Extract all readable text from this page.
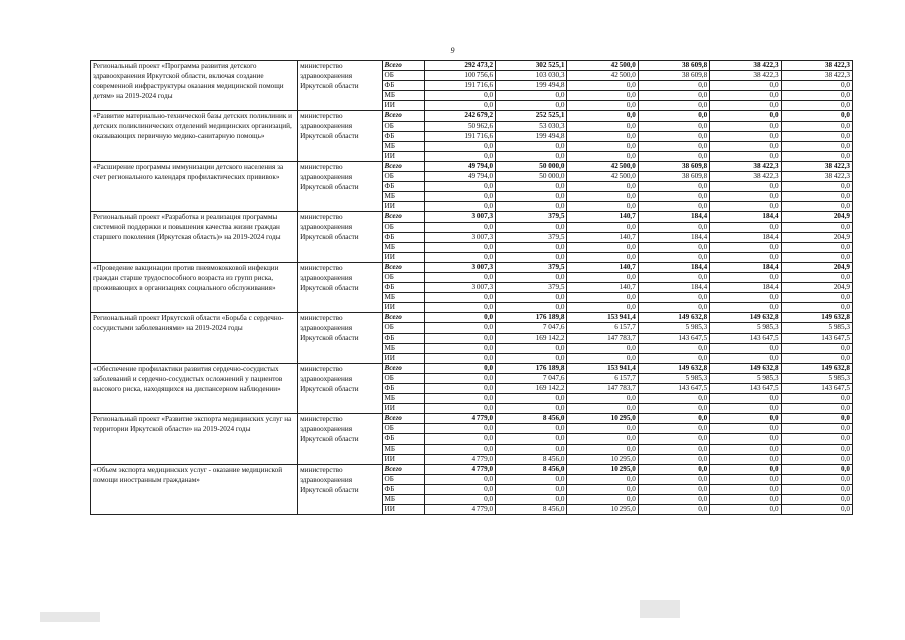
9
Региональный проект «Программа развития детского здравоохранения Иркутской области, включая создание современной инфраструктуры оказания медицинской помощи детям» на 2019-2024 годы	министерство здравоохранения Иркутской области	Всего	292 473,2	302 525,1	42 500,0	38 609,8	38 422,3	38 422,3
		ОБ	100 756,6	103 030,3	42 500,0	38 609,8	38 422,3	38 422,3
		ФБ	191 716,6	199 494,8	0,0	0,0	0,0	0,0
		МБ	0,0	0,0	0,0	0,0	0,0	0,0
		ИИ	0,0	0,0	0,0	0,0	0,0	0,0
«Развитие материально-технической базы детских поликлиник и детских поликлинических отделений медицинских организаций, оказывающих первичную медико-санитарную помощь»	министерство здравоохранения Иркутской области	Всего	242 679,2	252 525,1	0,0	0,0	0,0	0,0
		ОБ	50 962,6	53 030,3	0,0	0,0	0,0	0,0
		ФБ	191 716,6	199 494,8	0,0	0,0	0,0	0,0
		МБ	0,0	0,0	0,0	0,0	0,0	0,0
		ИИ	0,0	0,0	0,0	0,0	0,0	0,0
«Расширение программы иммунизации детского населения за счет регионального календаря профилактических прививок»	министерство здравоохранения Иркутской области	Всего	49 794,0	50 000,0	42 500,0	38 609,8	38 422,3	38 422,3
		ОБ	49 794,0	50 000,0	42 500,0	38 609,8	38 422,3	38 422,3
		ФБ	0,0	0,0	0,0	0,0	0,0	0,0
		МБ	0,0	0,0	0,0	0,0	0,0	0,0
		ИИ	0,0	0,0	0,0	0,0	0,0	0,0
Региональный проект «Разработка и реализация программы системной поддержки и повышения качества жизни граждан старшего поколения (Иркутская область)» на 2019-2024 годы	министерство здравоохранения Иркутской области	Всего	3 007,3	379,5	140,7	184,4	184,4	204,9
		ОБ	0,0	0,0	0,0	0,0	0,0	0,0
		ФБ	3 007,3	379,5	140,7	184,4	184,4	204,9
		МБ	0,0	0,0	0,0	0,0	0,0	0,0
		ИИ	0,0	0,0	0,0	0,0	0,0	0,0
«Проведение вакцинации против пневмококковой инфекции граждан старше трудоспособного возраста из групп риска, проживающих в организациях социального обслуживания»	министерство здравоохранения Иркутской области	Всего	3 007,3	379,5	140,7	184,4	184,4	204,9
		ОБ	0,0	0,0	0,0	0,0	0,0	0,0
		ФБ	3 007,3	379,5	140,7	184,4	184,4	204,9
		МБ	0,0	0,0	0,0	0,0	0,0	0,0
		ИИ	0,0	0,0	0,0	0,0	0,0	0,0
Региональный проект Иркутской области «Борьба с сердечно-сосудистыми заболеваниями» на 2019-2024 годы	министерство здравоохранения Иркутской области	Всего	0,0	176 189,8	153 941,4	149 632,8	149 632,8	149 632,8
		ОБ	0,0	7 047,6	6 157,7	5 985,3	5 985,3	5 985,3
		ФБ	0,0	169 142,2	147 783,7	143 647,5	143 647,5	143 647,5
		МБ	0,0	0,0	0,0	0,0	0,0	0,0
		ИИ	0,0	0,0	0,0	0,0	0,0	0,0
«Обеспечение профилактики развития сердечно-сосудистых заболеваний и сердечно-сосудистых осложнений у пациентов высокого риска, находящихся на диспансерном наблюдении»	министерство здравоохранения Иркутской области	Всего	0,0	176 189,8	153 941,4	149 632,8	149 632,8	149 632,8
		ОБ	0,0	7 047,6	6 157,7	5 985,3	5 985,3	5 985,3
		ФБ	0,0	169 142,2	147 783,7	143 647,5	143 647,5	143 647,5
		МБ	0,0	0,0	0,0	0,0	0,0	0,0
		ИИ	0,0	0,0	0,0	0,0	0,0	0,0
Региональный проект «Развитие экспорта медицинских услуг на территории Иркутской области» на 2019-2024 годы	министерство здравоохранения Иркутской области	Всего	4 779,0	8 456,0	10 295,0	0,0	0,0	0,0
		ОБ	0,0	0,0	0,0	0,0	0,0	0,0
		ФБ	0,0	0,0	0,0	0,0	0,0	0,0
		МБ	0,0	0,0	0,0	0,0	0,0	0,0
		ИИ	4 779,0	8 456,0	10 295,0	0,0	0,0	0,0
«Объем экспорта медицинских услуг - оказание медицинской помощи иностранным гражданам»	министерство здравоохранения Иркутской области	Всего	4 779,0	8 456,0	10 295,0	0,0	0,0	0,0
		ОБ	0,0	0,0	0,0	0,0	0,0	0,0
		ФБ	0,0	0,0	0,0	0,0	0,0	0,0
		МБ	0,0	0,0	0,0	0,0	0,0	0,0
		ИИ	4 779,0	8 456,0	10 295,0	0,0	0,0	0,0
